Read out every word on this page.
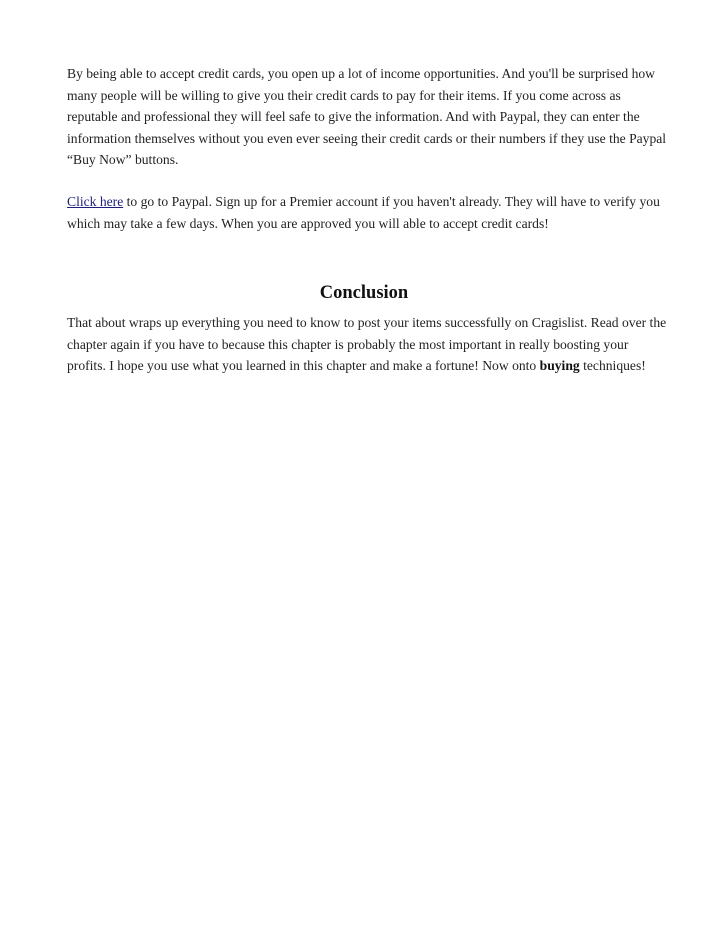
By being able to accept credit cards, you open up a lot of income opportunities. And you'll be surprised how many people will be willing to give you their credit cards to pay for their items. If you come across as reputable and professional they will feel safe to give the information. And with Paypal, they can enter the information themselves without you even ever seeing their credit cards or their numbers if they use the Paypal “Buy Now” buttons.

Click here to go to Paypal. Sign up for a Premier account if you haven't already. They will have to verify you which may take a few days. When you are approved you will able to accept credit cards!

Conclusion

That about wraps up everything you need to know to post your items successfully on Cragislist. Read over the chapter again if you have to because this chapter is probably the most important in really boosting your profits. I hope you use what you learned in this chapter and make a fortune! Now onto buying techniques!
